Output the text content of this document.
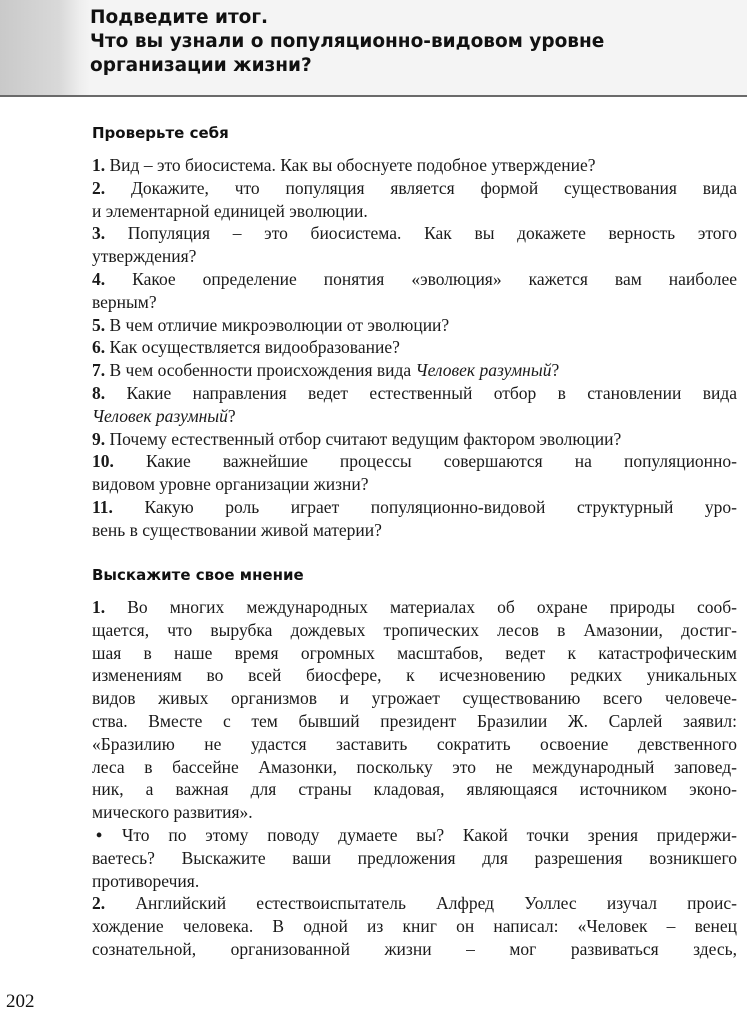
Подведите итог.
Что вы узнали о популяционно-видовом уровне
организации жизни?
Проверьте себя
1. Вид – это биосистема. Как вы обоснуете подобное утверждение?
2. Докажите, что популяция является формой существования вида
и элементарной единицей эволюции.
3. Популяция – это биосистема. Как вы докажете верность этого
утверждения?
4. Какое определение понятия «эволюция» кажется вам наиболее
верным?
5. В чем отличие микроэволюции от эволюции?
6. Как осуществляется видообразование?
7. В чем особенности происхождения вида Человек разумный?
8. Какие направления ведет естественный отбор в становлении вида
Человек разумный?
9. Почему естественный отбор считают ведущим фактором эволюции?
10. Какие важнейшие процессы совершаются на популяционно-
видовом уровне организации жизни?
11. Какую роль играет популяционно-видовой структурный уро-
вень в существовании живой материи?
Выскажите свое мнение
1. Во многих международных материалах об охране природы сооб-
щается, что вырубка дождевых тропических лесов в Амазонии, достиг-
шая в наше время огромных масштабов, ведет к катастрофическим
изменениям во всей биосфере, к исчезновению редких уникальных
видов живых организмов и угрожает существованию всего человече-
ства. Вместе с тем бывший президент Бразилии Ж. Сарлей заявил:
«Бразилию не удастся заставить сократить освоение девственного
леса в бассейне Амазонки, поскольку это не международный заповед-
ник, а важная для страны кладовая, являющаяся источником эконо-
мического развития».
• Что по этому поводу думаете вы? Какой точки зрения придержи-
ваетесь? Выскажите ваши предложения для разрешения возникшего
противоречия.
2. Английский естествоиспытатель Алфред Уоллес изучал проис-
хождение человека. В одной из книг он написал: «Человек – венец
сознательной, организованной жизни – мог развиваться здесь,
202
